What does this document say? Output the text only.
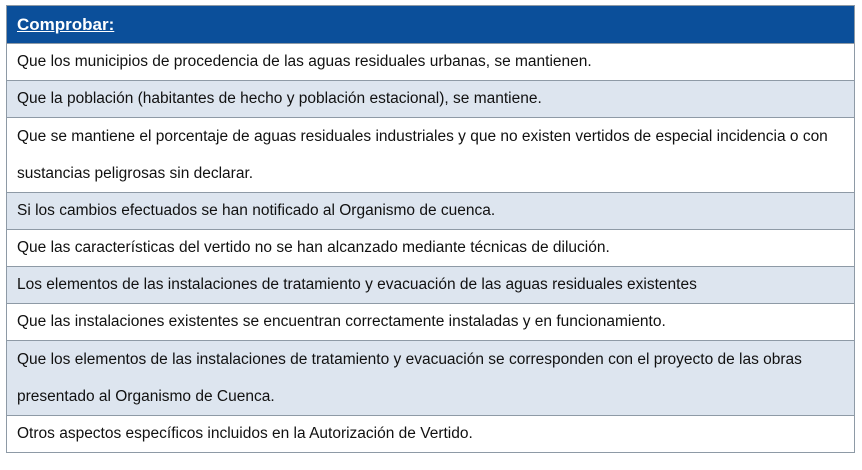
Comprobar:
Que los municipios de procedencia de las aguas residuales urbanas, se mantienen.
Que la población (habitantes de hecho y población estacional), se mantiene.
Que se mantiene el porcentaje de aguas residuales industriales y que no existen vertidos de especial incidencia o con sustancias peligrosas sin declarar.
Si los cambios efectuados se han notificado al Organismo de cuenca.
Que las características del vertido no se han alcanzado mediante técnicas de dilución.
Los elementos de las instalaciones de tratamiento y evacuación de las aguas residuales existentes
Que las instalaciones existentes se encuentran correctamente instaladas y en funcionamiento.
Que los elementos de las instalaciones de tratamiento y evacuación se corresponden con el proyecto de las obras presentado al Organismo de Cuenca.
Otros aspectos específicos incluidos en la Autorización de Vertido.
